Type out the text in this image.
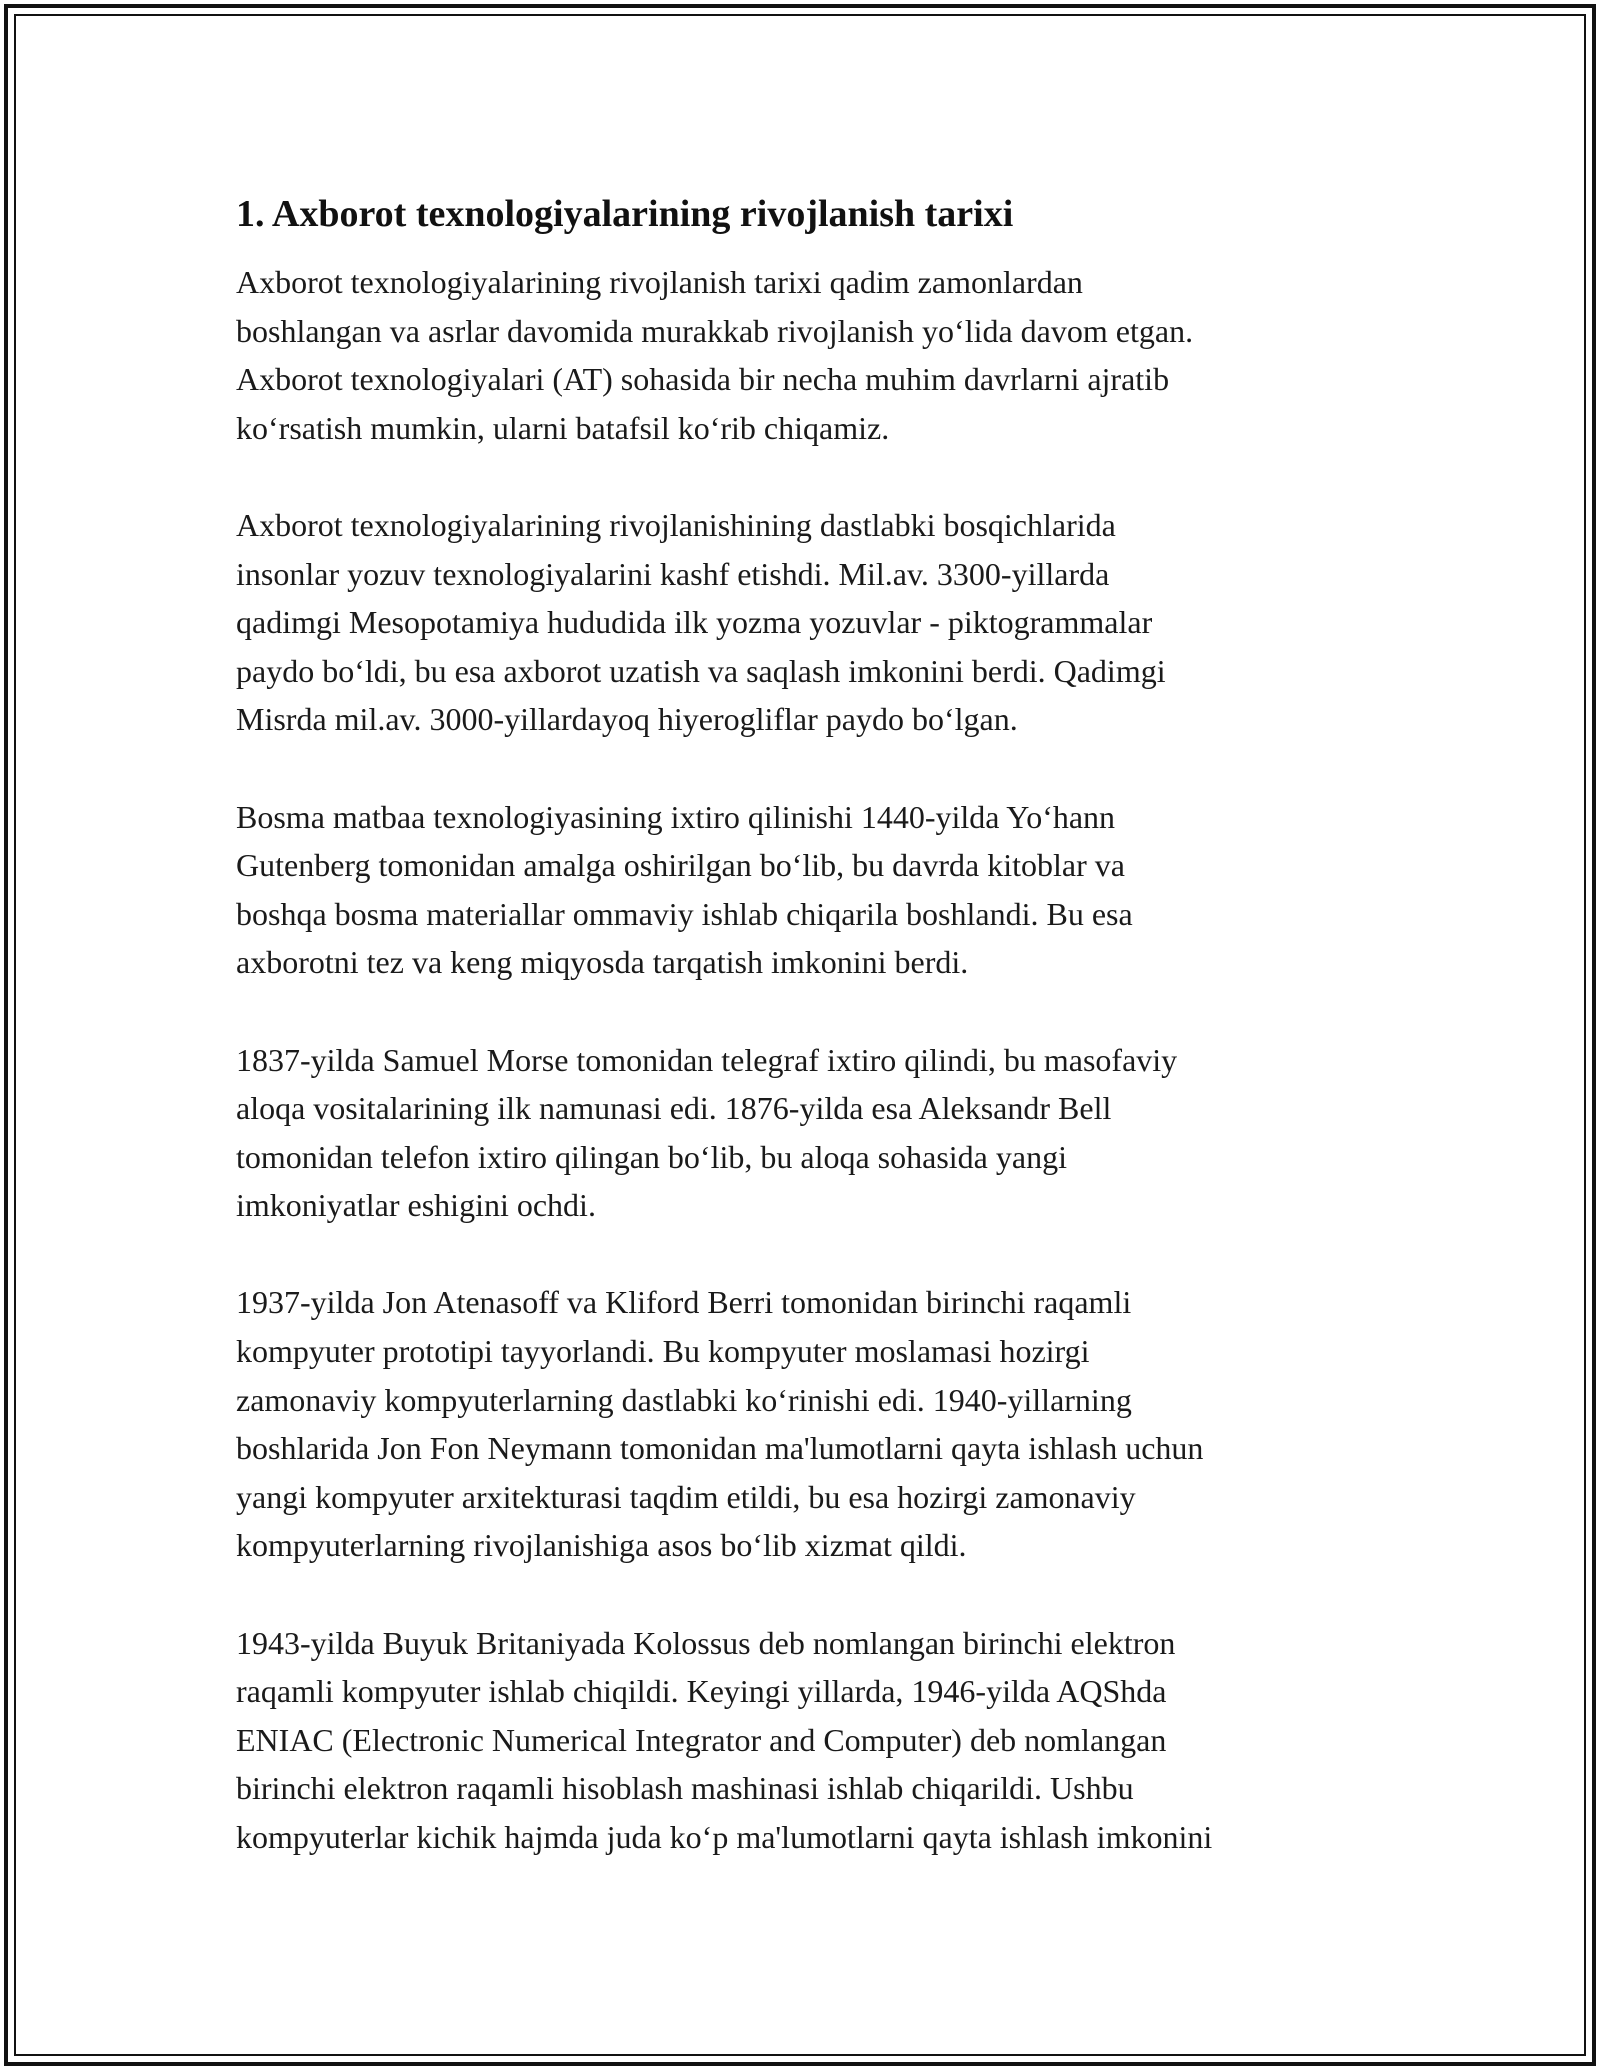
1. Axborot texnologiyalarining rivojlanish tarixi

Axborot texnologiyalarining rivojlanish tarixi qadim zamonlardan
boshlangan va asrlar davomida murakkab rivojlanish yo‘lida davom etgan.
Axborot texnologiyalari (AT) sohasida bir necha muhim davrlarni ajratib
ko‘rsatish mumkin, ularni batafsil ko‘rib chiqamiz.

Axborot texnologiyalarining rivojlanishining dastlabki bosqichlarida
insonlar yozuv texnologiyalarini kashf etishdi. Mil.av. 3300-yillarda
qadimgi Mesopotamiya hududida ilk yozma yozuvlar - piktogrammalar
paydo bo‘ldi, bu esa axborot uzatish va saqlash imkonini berdi. Qadimgi
Misrda mil.av. 3000-yillardayoq hiyerogliflar paydo bo‘lgan.

Bosma matbaa texnologiyasining ixtiro qilinishi 1440-yilda Yo‘hann
Gutenberg tomonidan amalga oshirilgan bo‘lib, bu davrda kitoblar va
boshqa bosma materiallar ommaviy ishlab chiqarila boshlandi. Bu esa
axborotni tez va keng miqyosda tarqatish imkonini berdi.

1837-yilda Samuel Morse tomonidan telegraf ixtiro qilindi, bu masofaviy
aloqa vositalarining ilk namunasi edi. 1876-yilda esa Aleksandr Bell
tomonidan telefon ixtiro qilingan bo‘lib, bu aloqa sohasida yangi
imkoniyatlar eshigini ochdi.

1937-yilda Jon Atenasoff va Kliford Berri tomonidan birinchi raqamli
kompyuter prototipi tayyorlandi. Bu kompyuter moslamasi hozirgi
zamonaviy kompyuterlarning dastlabki ko‘rinishi edi. 1940-yillarning
boshlarida Jon Fon Neymann tomonidan ma'lumotlarni qayta ishlash uchun
yangi kompyuter arxitekturasi taqdim etildi, bu esa hozirgi zamonaviy
kompyuterlarning rivojlanishiga asos bo‘lib xizmat qildi.

1943-yilda Buyuk Britaniyada Kolossus deb nomlangan birinchi elektron
raqamli kompyuter ishlab chiqildi. Keyingi yillarda, 1946-yilda AQShda
ENIAC (Electronic Numerical Integrator and Computer) deb nomlangan
birinchi elektron raqamli hisoblash mashinasi ishlab chiqarildi. Ushbu
kompyuterlar kichik hajmda juda ko‘p ma'lumotlarni qayta ishlash imkonini
